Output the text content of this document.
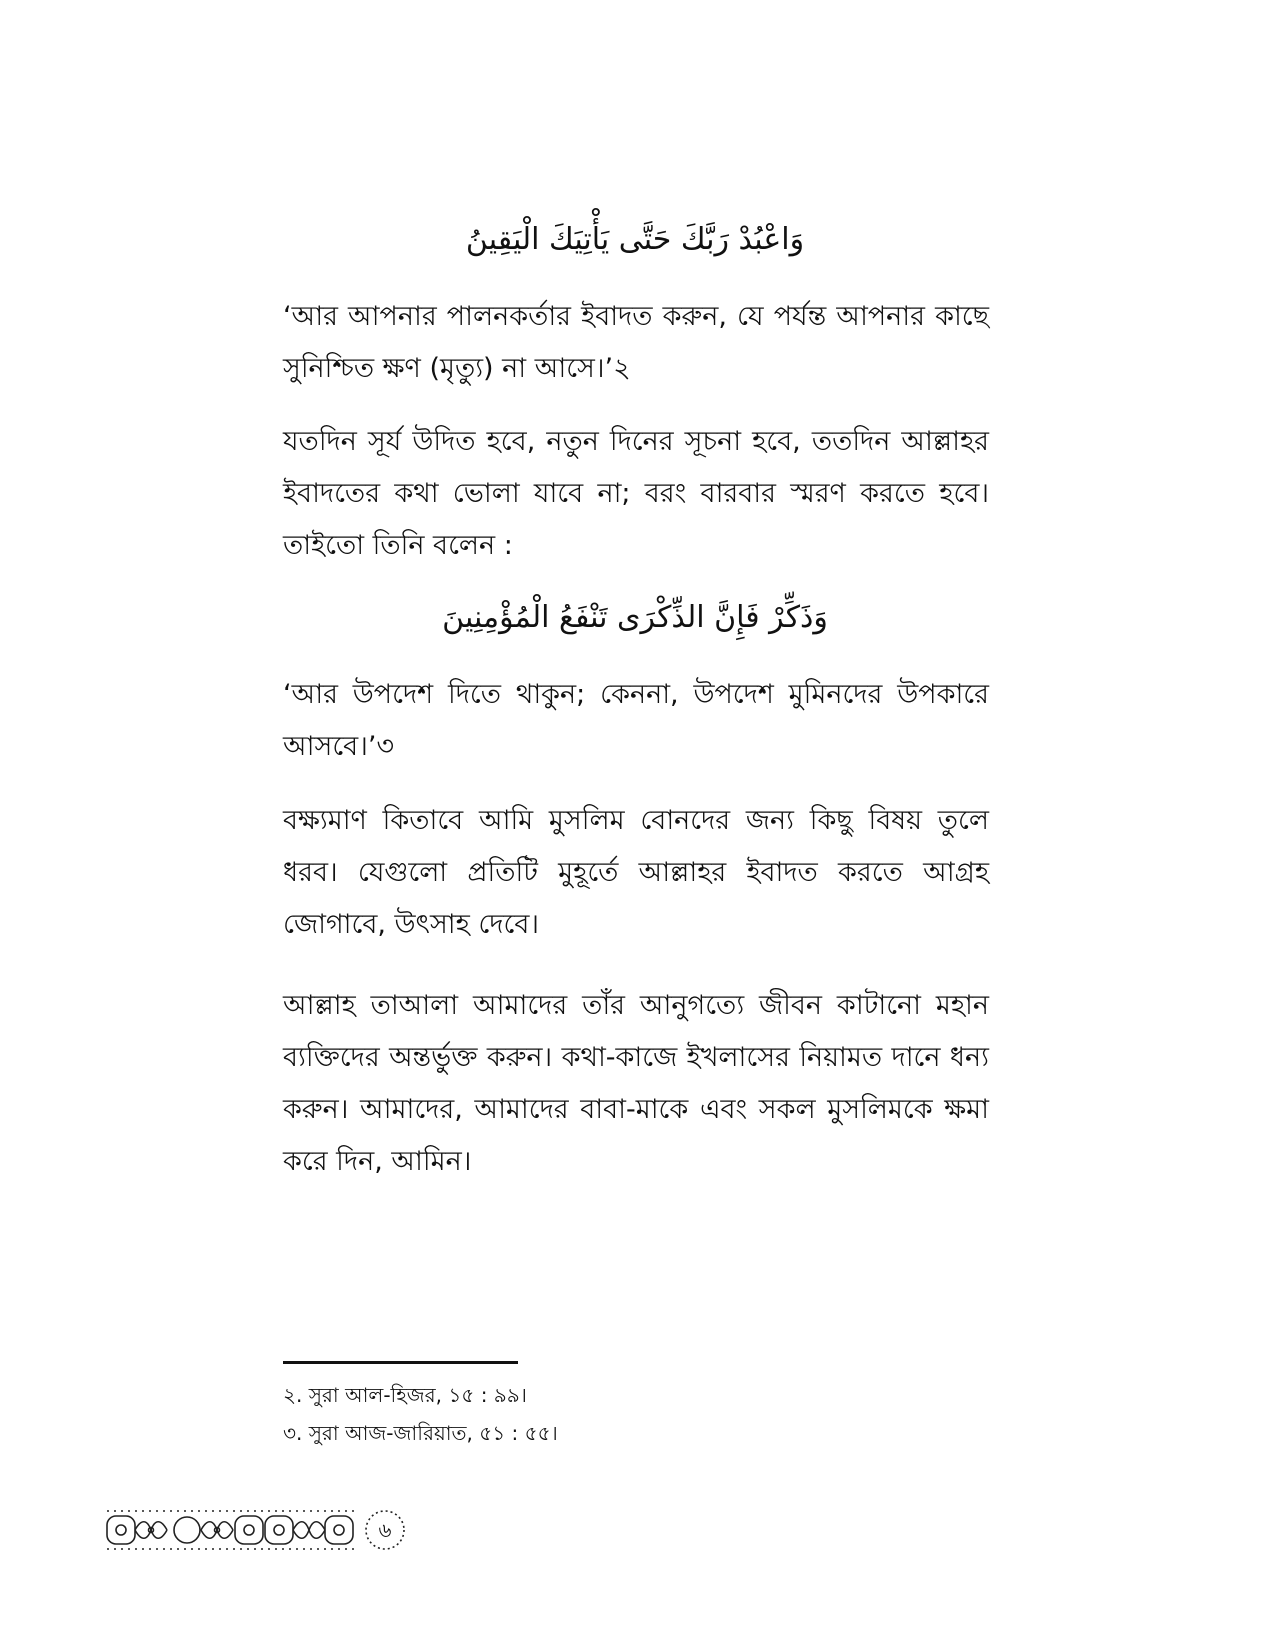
وَاعْبُدْ رَبَّكَ حَتَّى يَأْتِيَكَ الْيَقِينُ

‘আর আপনার পালনকর্তার ইবাদত করুন, যে পর্যন্ত আপনার কাছে সুনিশ্চিত ক্ষণ (মৃত্যু) না আসে।’২

যতদিন সূর্য উদিত হবে, নতুন দিনের সূচনা হবে, ততদিন আল্লাহর ইবাদতের কথা ভোলা যাবে না; বরং বারবার স্মরণ করতে হবে। তাইতো তিনি বলেন :

وَذَكِّرْ فَإِنَّ الذِّكْرَى تَنْفَعُ الْمُؤْمِنِينَ

‘আর উপদেশ দিতে থাকুন; কেননা, উপদেশ মুমিনদের উপকারে আসবে।’৩

বক্ষ্যমাণ কিতাবে আমি মুসলিম বোনদের জন্য কিছু বিষয় তুলে ধরব। যেগুলো প্রতিটি মুহূর্তে আল্লাহর ইবাদত করতে আগ্রহ জোগাবে, উৎসাহ দেবে।

আল্লাহ তাআলা আমাদের তাঁর আনুগত্যে জীবন কাটানো মহান ব্যক্তিদের অন্তর্ভুক্ত করুন। কথা-কাজে ইখলাসের নিয়ামত দানে ধন্য করুন। আমাদের, আমাদের বাবা-মাকে এবং সকল মুসলিমকে ক্ষমা করে দিন, আমিন।

২. সুরা আল-হিজর, ১৫ : ৯৯।
৩. সুরা আজ-জারিয়াত, ৫১ : ৫৫।
৬
